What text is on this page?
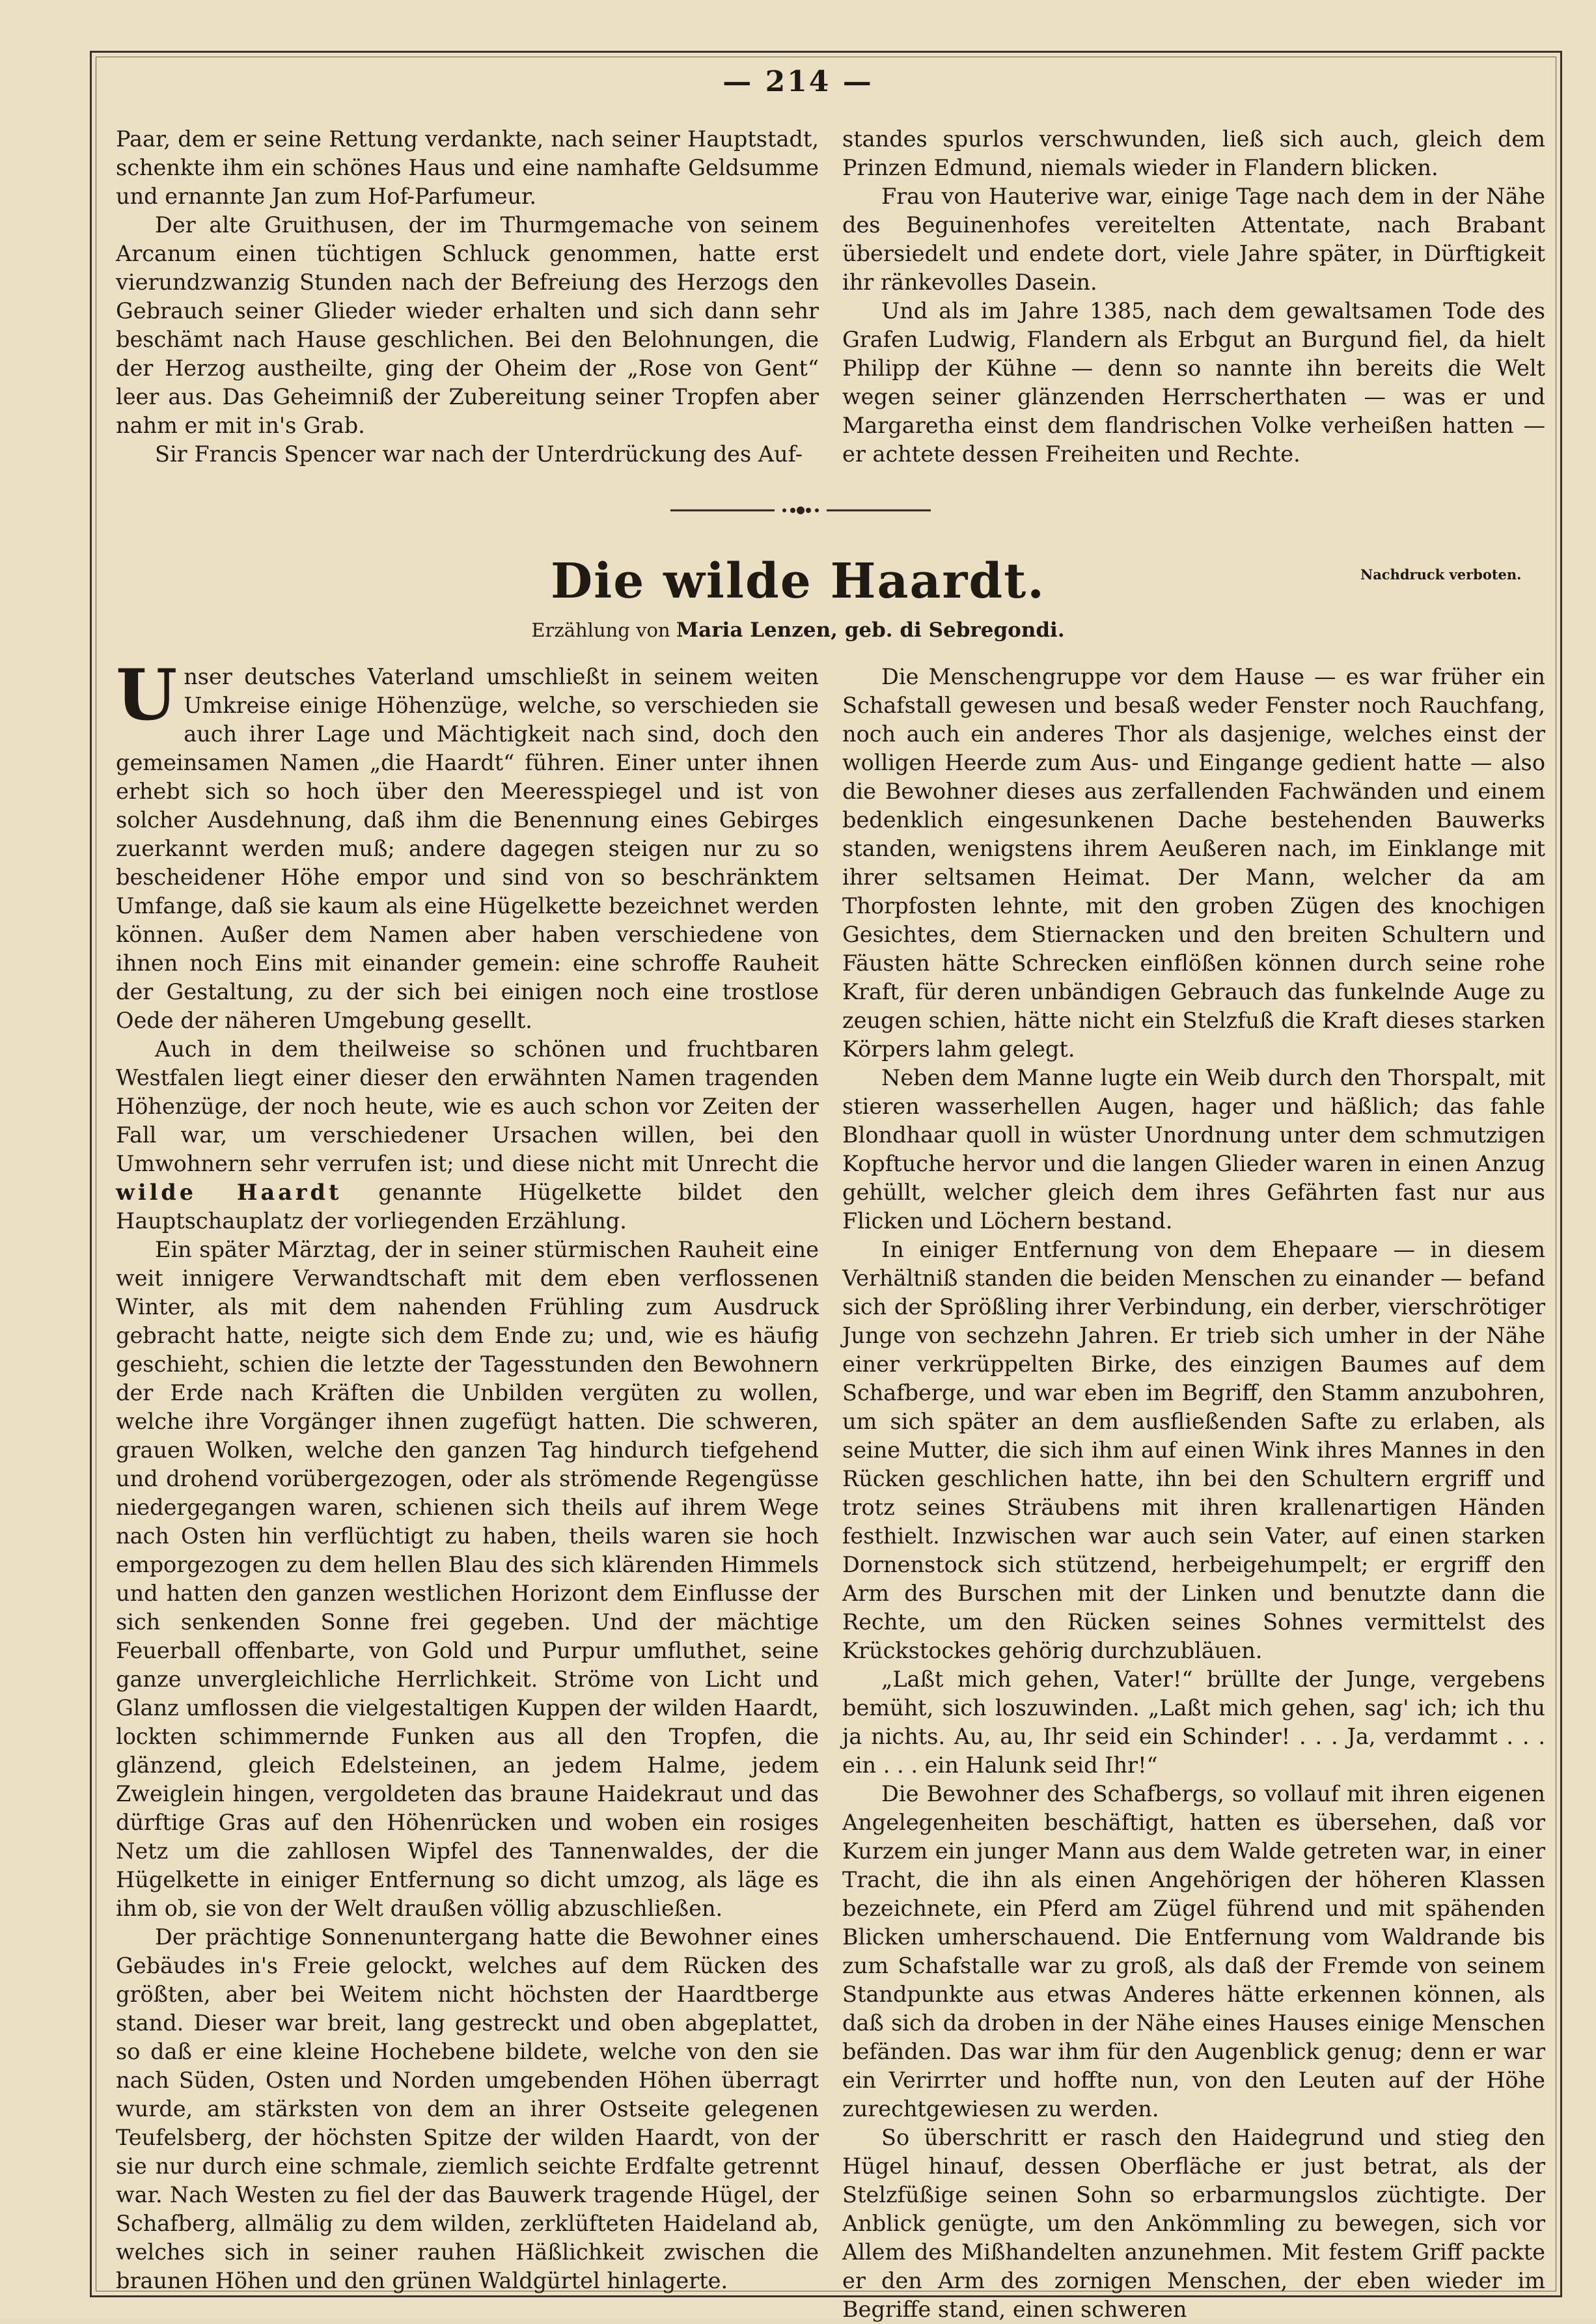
— 214 —

Paar, dem er seine Rettung verdankte, nach seiner Hauptstadt, schenkte ihm ein schönes Haus und eine namhafte Geldsumme und ernannte Jan zum Hof-Parfumeur.

Der alte Gruithusen, der im Thurmgemache von seinem Arcanum einen tüchtigen Schluck genommen, hatte erst vierundzwanzig Stunden nach der Befreiung des Herzogs den Gebrauch seiner Glieder wieder erhalten und sich dann sehr beschämt nach Hause geschlichen. Bei den Belohnungen, die der Herzog austheilte, ging der Oheim der „Rose von Gent“ leer aus. Das Geheimniß der Zubereitung seiner Tropfen aber nahm er mit in's Grab.

Sir Francis Spencer war nach der Unterdrückung des Auf-

standes spurlos verschwunden, ließ sich auch, gleich dem Prinzen Edmund, niemals wieder in Flandern blicken.

Frau von Hauterive war, einige Tage nach dem in der Nähe des Beguinenhofes vereitelten Attentate, nach Brabant übersiedelt und endete dort, viele Jahre später, in Dürftigkeit ihr ränkevolles Dasein.

Und als im Jahre 1385, nach dem gewaltsamen Tode des Grafen Ludwig, Flandern als Erbgut an Burgund fiel, da hielt Philipp der Kühne — denn so nannte ihn bereits die Welt wegen seiner glänzenden Herrscherthaten — was er und Margaretha einst dem flandrischen Volke verheißen hatten — er achtete dessen Freiheiten und Rechte.

Die wilde Haardt.	Nachdruck verboten.
Erzählung von Maria Lenzen, geb. di Sebregondi.

Unser deutsches Vaterland umschließt in seinem weiten Umkreise einige Höhenzüge, welche, so verschieden sie auch ihrer Lage und Mächtigkeit nach sind, doch den gemeinsamen Namen „die Haardt“ führen. Einer unter ihnen erhebt sich so hoch über den Meeresspiegel und ist von solcher Ausdehnung, daß ihm die Benennung eines Gebirges zuerkannt werden muß; andere dagegen steigen nur zu so bescheidener Höhe empor und sind von so beschränktem Umfange, daß sie kaum als eine Hügelkette bezeichnet werden können. Außer dem Namen aber haben verschiedene von ihnen noch Eins mit einander gemein: eine schroffe Rauheit der Gestaltung, zu der sich bei einigen noch eine trostlose Oede der näheren Umgebung gesellt.

Auch in dem theilweise so schönen und fruchtbaren Westfalen liegt einer dieser den erwähnten Namen tragenden Höhenzüge, der noch heute, wie es auch schon vor Zeiten der Fall war, um verschiedener Ursachen willen, bei den Umwohnern sehr verrufen ist; und diese nicht mit Unrecht die wilde Haardt genannte Hügelkette bildet den Hauptschauplatz der vorliegenden Erzählung.

Ein später Märztag, der in seiner stürmischen Rauheit eine weit innigere Verwandtschaft mit dem eben verflossenen Winter, als mit dem nahenden Frühling zum Ausdruck gebracht hatte, neigte sich dem Ende zu; und, wie es häufig geschieht, schien die letzte der Tagesstunden den Bewohnern der Erde nach Kräften die Unbilden vergüten zu wollen, welche ihre Vorgänger ihnen zugefügt hatten. Die schweren, grauen Wolken, welche den ganzen Tag hindurch tiefgehend und drohend vorübergezogen, oder als strömende Regengüsse niedergegangen waren, schienen sich theils auf ihrem Wege nach Osten hin verflüchtigt zu haben, theils waren sie hoch emporgezogen zu dem hellen Blau des sich klärenden Himmels und hatten den ganzen westlichen Horizont dem Einflusse der sich senkenden Sonne frei gegeben. Und der mächtige Feuerball offenbarte, von Gold und Purpur umfluthet, seine ganze unvergleichliche Herrlichkeit. Ströme von Licht und Glanz umflossen die vielgestaltigen Kuppen der wilden Haardt, lockten schimmernde Funken aus all den Tropfen, die glänzend, gleich Edelsteinen, an jedem Halme, jedem Zweiglein hingen, vergoldeten das braune Haidekraut und das dürftige Gras auf den Höhenrücken und woben ein rosiges Netz um die zahllosen Wipfel des Tannenwaldes, der die Hügelkette in einiger Entfernung so dicht umzog, als läge es ihm ob, sie von der Welt draußen völlig abzuschließen.

Der prächtige Sonnenuntergang hatte die Bewohner eines Gebäudes in's Freie gelockt, welches auf dem Rücken des größten, aber bei Weitem nicht höchsten der Haardtberge stand. Dieser war breit, lang gestreckt und oben abgeplattet, so daß er eine kleine Hochebene bildete, welche von den sie nach Süden, Osten und Norden umgebenden Höhen überragt wurde, am stärksten von dem an ihrer Ostseite gelegenen Teufelsberg, der höchsten Spitze der wilden Haardt, von der sie nur durch eine schmale, ziemlich seichte Erdfalte getrennt war. Nach Westen zu fiel der das Bauwerk tragende Hügel, der Schafberg, allmälig zu dem wilden, zerklüfteten Haideland ab, welches sich in seiner rauhen Häßlichkeit zwischen die braunen Höhen und den grünen Waldgürtel hinlagerte.

Die Menschengruppe vor dem Hause — es war früher ein Schafstall gewesen und besaß weder Fenster noch Rauchfang, noch auch ein anderes Thor als dasjenige, welches einst der wolligen Heerde zum Aus- und Eingange gedient hatte — also die Bewohner dieses aus zerfallenden Fachwänden und einem bedenklich eingesunkenen Dache bestehenden Bauwerks standen, wenigstens ihrem Aeußeren nach, im Einklange mit ihrer seltsamen Heimat. Der Mann, welcher da am Thorpfosten lehnte, mit den groben Zügen des knochigen Gesichtes, dem Stiernacken und den breiten Schultern und Fäusten hätte Schrecken einflößen können durch seine rohe Kraft, für deren unbändigen Gebrauch das funkelnde Auge zu zeugen schien, hätte nicht ein Stelzfuß die Kraft dieses starken Körpers lahm gelegt.

Neben dem Manne lugte ein Weib durch den Thorspalt, mit stieren wasserhellen Augen, hager und häßlich; das fahle Blondhaar quoll in wüster Unordnung unter dem schmutzigen Kopftuche hervor und die langen Glieder waren in einen Anzug gehüllt, welcher gleich dem ihres Gefährten fast nur aus Flicken und Löchern bestand.

In einiger Entfernung von dem Ehepaare — in diesem Verhältniß standen die beiden Menschen zu einander — befand sich der Sprößling ihrer Verbindung, ein derber, vierschrötiger Junge von sechzehn Jahren. Er trieb sich umher in der Nähe einer verkrüppelten Birke, des einzigen Baumes auf dem Schafberge, und war eben im Begriff, den Stamm anzubohren, um sich später an dem ausfließenden Safte zu erlaben, als seine Mutter, die sich ihm auf einen Wink ihres Mannes in den Rücken geschlichen hatte, ihn bei den Schultern ergriff und trotz seines Sträubens mit ihren krallenartigen Händen festhielt. Inzwischen war auch sein Vater, auf einen starken Dornenstock sich stützend, herbeigehumpelt; er ergriff den Arm des Burschen mit der Linken und benutzte dann die Rechte, um den Rücken seines Sohnes vermittelst des Krückstockes gehörig durchzubläuen.

„Laßt mich gehen, Vater!“ brüllte der Junge, vergebens bemüht, sich loszuwinden. „Laßt mich gehen, sag' ich; ich thu ja nichts. Au, au, Ihr seid ein Schinder! . . . Ja, verdammt . . . ein . . . ein Halunk seid Ihr!“

Die Bewohner des Schafbergs, so vollauf mit ihren eigenen Angelegenheiten beschäftigt, hatten es übersehen, daß vor Kurzem ein junger Mann aus dem Walde getreten war, in einer Tracht, die ihn als einen Angehörigen der höheren Klassen bezeichnete, ein Pferd am Zügel führend und mit spähenden Blicken umherschauend. Die Entfernung vom Waldrande bis zum Schafstalle war zu groß, als daß der Fremde von seinem Standpunkte aus etwas Anderes hätte erkennen können, als daß sich da droben in der Nähe eines Hauses einige Menschen befänden. Das war ihm für den Augenblick genug; denn er war ein Verirrter und hoffte nun, von den Leuten auf der Höhe zurechtgewiesen zu werden.

So überschritt er rasch den Haidegrund und stieg den Hügel hinauf, dessen Oberfläche er just betrat, als der Stelzfüßige seinen Sohn so erbarmungslos züchtigte. Der Anblick genügte, um den Ankömmling zu bewegen, sich vor Allem des Mißhandelten anzunehmen. Mit festem Griff packte er den Arm des zornigen Menschen, der eben wieder im Begriffe stand, einen schweren
